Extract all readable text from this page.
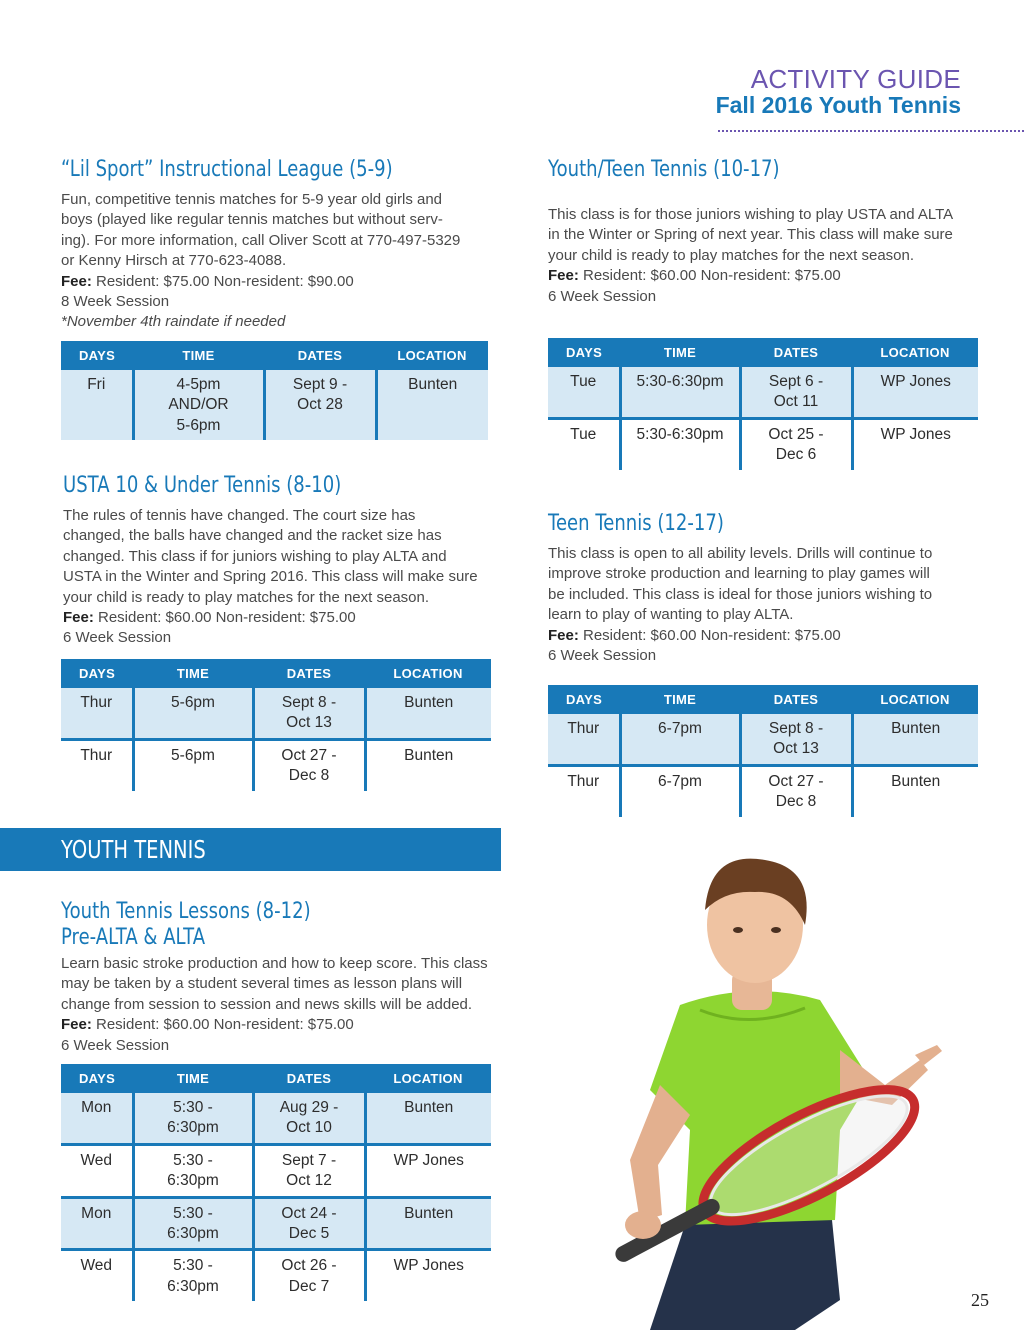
ACTIVITY GUIDE
Fall 2016 Youth Tennis
“Lil Sport” Instructional League (5-9)
Fun, competitive tennis matches for 5-9 year old girls and
boys (played like regular tennis matches but without serv-
ing). For more information, call Oliver Scott at 770-497-5329
or Kenny Hirsch at 770-623-4088.
Fee: Resident: $75.00 Non-resident: $90.00
8 Week Session
*November 4th raindate if needed
DAYS	TIME	DATES	LOCATION
Fri	4-5pm
AND/OR
5-6pm	Sept 9 -
Oct 28	Bunten
Youth/Teen Tennis (10-17)
This class is for those juniors wishing to play USTA and ALTA
in the Winter or Spring of next year. This class will make sure
your child is ready to play matches for the next season.
Fee: Resident: $60.00 Non-resident: $75.00
6 Week Session
DAYS	TIME	DATES	LOCATION
Tue	5:30-6:30pm	Sept 6 -
Oct 11	WP Jones
Tue	5:30-6:30pm	Oct 25 -
Dec 6	WP Jones
USTA 10 & Under Tennis (8-10)
The rules of tennis have changed. The court size has
changed, the balls have changed and the racket size has
changed. This class if for juniors wishing to play ALTA and
USTA in the Winter and Spring 2016. This class will make sure
your child is ready to play matches for the next season.
Fee: Resident: $60.00 Non-resident: $75.00
6 Week Session
DAYS	TIME	DATES	LOCATION
Thur	5-6pm	Sept 8 -
Oct 13	Bunten
Thur	5-6pm	Oct 27 -
Dec 8	Bunten
Teen Tennis (12-17)
This class is open to all ability levels. Drills will continue to
improve stroke production and learning to play games will
be included. This class is ideal for those juniors wishing to
learn to play of wanting to play ALTA.
Fee: Resident: $60.00 Non-resident: $75.00
6 Week Session
DAYS	TIME	DATES	LOCATION
Thur	6-7pm	Sept 8 -
Oct 13	Bunten
Thur	6-7pm	Oct 27 -
Dec 8	Bunten
YOUTH TENNIS
Youth Tennis Lessons (8-12)
Pre-ALTA & ALTA
Learn basic stroke production and how to keep score. This class
may be taken by a student several times as lesson plans will
change from session to session and news skills will be added.
Fee: Resident: $60.00 Non-resident: $75.00
6 Week Session
DAYS	TIME	DATES	LOCATION
Mon	5:30 -
6:30pm	Aug 29 -
Oct 10	Bunten
Wed	5:30 -
6:30pm	Sept 7 -
Oct 12	WP Jones
Mon	5:30 -
6:30pm	Oct 24 -
Dec 5	Bunten
Wed	5:30 -
6:30pm	Oct 26 -
Dec 7	WP Jones
25
